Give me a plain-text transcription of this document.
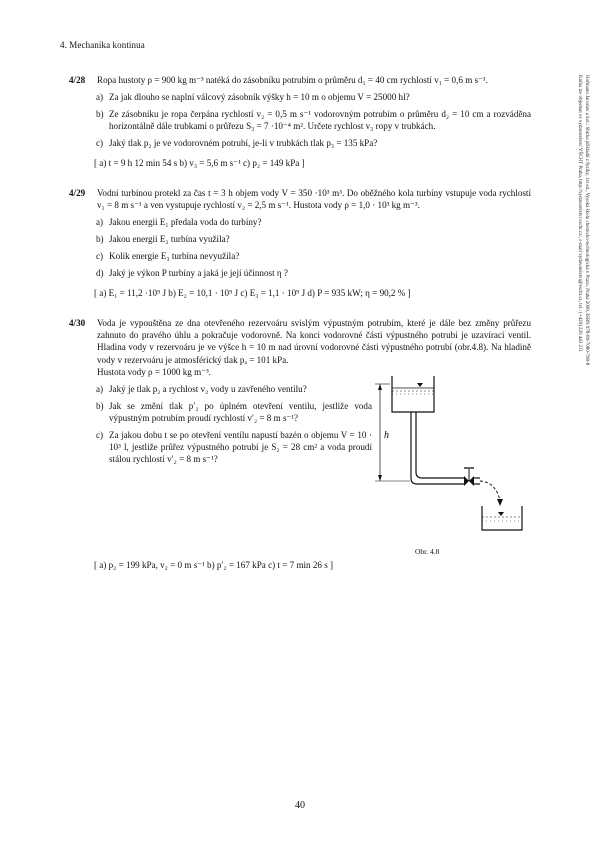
4. Mechanika kontinua
Hofmann Jaroslav a kol.: Sbírka příkladů z fyziky, 1st ed., Vysoká škola chemicko-technologická v Praze, Praha 2009, ISBN 978-80-7080-708-8
Kniha lze objednat ve vydavatelství VŠCHT Praha, http://vydavatelstvi.vscht.cz/, e-mail vydavatelstvi@vscht.cz, tel.: (+420) 220 443 211
4/28	Ropa hustoty ρ = 900 kg m⁻³ natéká do zásobníku potrubím o průměru d₁ = 40 cm rychlostí v₁ = 0,6 m s⁻¹.
a) Za jak dlouho se naplní válcový zásobník výšky h = 10 m o objemu V = 25000 hl?
b) Ze zásobníku je ropa čerpána rychlostí v₂ = 0,5 m s⁻¹ vodorovným potrubím o průměru d₂ = 10 cm a rozváděna horizontálně dále trubkami o průřezu S₃ = 7 ·10⁻⁴ m². Určete rychlost v₃ ropy v trubkách.
c) Jaký tlak p₂ je ve vodorovném potrubí, je-li v trubkách tlak p₃ = 135 kPa?
[ a) t = 9 h 12 min 54 s b) v₃ = 5,6 m s⁻¹ c) p₂ = 149 kPa ]
4/29	Vodní turbínou protekl za čas t = 3 h objem vody V = 350 ·10³ m³. Do oběžného kola turbíny vstupuje voda rychlostí v₁ = 8 m s⁻¹ a ven vystupuje rychlostí v₂ = 2,5 m s⁻¹. Hustota vody ρ = 1,0 · 10³ kg m⁻³.
a) Jakou energii E₁ předala voda do turbíny?
b) Jakou energii E₂ turbína využila?
c) Kolik energie E₃ turbína nevyužila?
d) Jaký je výkon P turbíny a jaká je její účinnost η ?
[ a) E₁ = 11,2 ·10⁹ J b) E₂ = 10,1 · 10⁹ J c) E₃ = 1,1 · 10⁹ J d) P = 935 kW; η = 90,2 % ]
4/30	Voda je vypouštěna ze dna otevřeného rezervoáru svislým výpustným potrubím, které je dále bez změny průřezu zahnuto do pravého úhlu a pokračuje vodorovně. Na konci vodorovné části výpustného potrubí je uzavírací ventil. Hladina vody v rezervoáru je ve výšce h = 10 m nad úrovní vodorovné části výpustného potrubí (obr.4.8). Na hladině vody v rezervoáru je atmosférický tlak pₐ = 101 kPa.
Hustota vody ρ = 1000 kg m⁻³.
a) Jaký je tlak p₂ a rychlost v₂ vody u zavřeného ventilu?
b) Jak se změní tlak p′₂ po úplném otevření ventilu, jestliže voda výpustným potrubím proudí rychlostí v′₂ = 8 m s⁻¹?
c) Za jakou dobu t se po otevření ventilu napustí bazén o objemu V = 10 · 10³ l, jestliže průřez výpustného potrubí je S₂ = 28 cm² a voda proudí stálou rychlostí v′₂ = 8 m s⁻¹?
h
Obr. 4.8
[ a) p₂ = 199 kPa, v₂ = 0 m s⁻¹ b) p′₂ = 167 kPa c) t = 7 min 26 s ]
40
